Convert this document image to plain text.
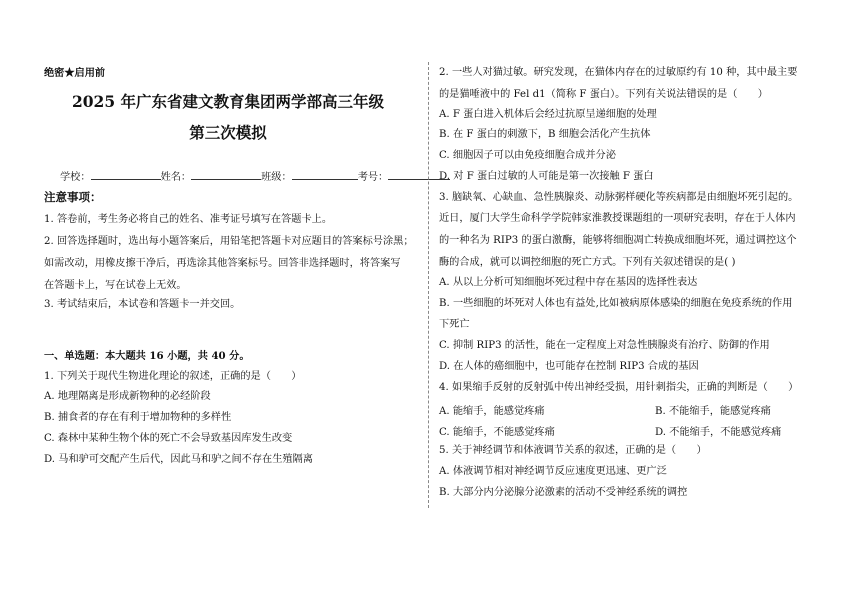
绝密★启用前
2025 年广东省建文教育集团两学部高三年级
第三次模拟
学校：	姓名：	班级：	考号：
注意事项：
1. 答卷前，考生务必将自己的姓名、准考证号填写在答题卡上。
2. 回答选择题时，选出每小题答案后，用铅笔把答题卡对应题目的答案标号涂黑；
如需改动，用橡皮擦干净后，再选涂其他答案标号。回答非选择题时，将答案写
在答题卡上，写在试卷上无效。
3. 考试结束后，本试卷和答题卡一并交回。
一、单选题：本大题共 16 小题，共 40 分。
1. 下列关于现代生物进化理论的叙述，正确的是（　　）
A. 地理隔离是形成新物种的必经阶段
B. 捕食者的存在有利于增加物种的多样性
C. 森林中某种生物个体的死亡不会导致基因库发生改变
D. 马和驴可交配产生后代，因此马和驴之间不存在生殖隔离
2. 一些人对猫过敏。研究发现，在猫体内存在的过敏原约有 10 种，其中最主要
的是猫唾液中的 Fel d1（简称 F 蛋白）。下列有关说法错误的是（　　）
A. F 蛋白进入机体后会经过抗原呈递细胞的处理
B. 在 F 蛋白的刺激下，B 细胞会活化产生抗体
C. 细胞因子可以由免疫细胞合成并分泌
D. 对 F 蛋白过敏的人可能是第一次接触 F 蛋白
3. 脑缺氧、心缺血、急性胰腺炎、动脉粥样硬化等疾病都是由细胞坏死引起的。
近日，厦门大学生命科学学院韩家淮教授课题组的一项研究表明，存在于人体内
的一种名为 RIP3 的蛋白激酶，能够将细胞凋亡转换成细胞坏死，通过调控这个
酶的合成，就可以调控细胞的死亡方式。下列有关叙述错误的是( )
A. 从以上分析可知细胞坏死过程中存在基因的选择性表达
B. 一些细胞的坏死对人体也有益处,比如被病原体感染的细胞在免疫系统的作用
下死亡
C. 抑制 RIP3 的活性，能在一定程度上对急性胰腺炎有治疗、防御的作用
D. 在人体的癌细胞中，也可能存在控制 RIP3 合成的基因
4. 如果缩手反射的反射弧中传出神经受损，用针刺指尖，正确的判断是（　　）
A. 能缩手，能感觉疼痛	B. 不能缩手，能感觉疼痛
C. 能缩手，不能感觉疼痛	D. 不能缩手，不能感觉疼痛
5. 关于神经调节和体液调节关系的叙述，正确的是（　　）
A. 体液调节相对神经调节反应速度更迅速、更广泛
B. 大部分内分泌腺分泌激素的活动不受神经系统的调控
